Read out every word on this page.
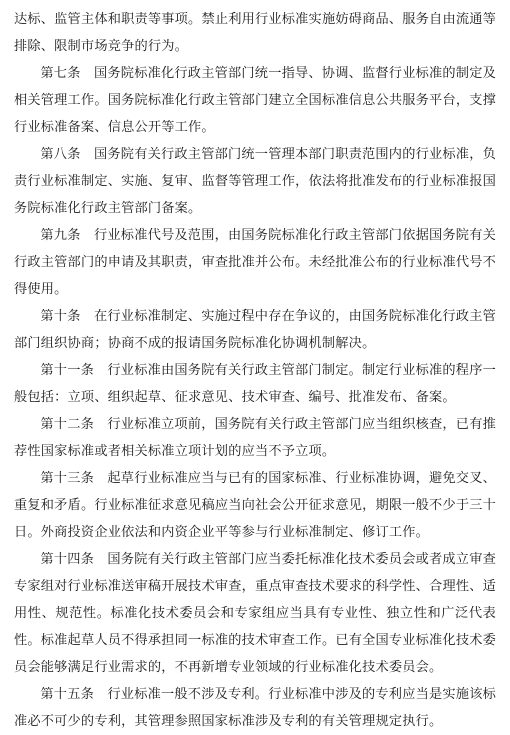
达标、监管主体和职责等事项。禁止利用行业标准实施妨碍商品、服务自由流通等排除、限制市场竞争的行为。

第七条　国务院标准化行政主管部门统一指导、协调、监督行业标准的制定及相关管理工作。国务院标准化行政主管部门建立全国标准信息公共服务平台，支撑行业标准备案、信息公开等工作。

第八条　国务院有关行政主管部门统一管理本部门职责范围内的行业标准，负责行业标准制定、实施、复审、监督等管理工作，依法将批准发布的行业标准报国务院标准化行政主管部门备案。

第九条　行业标准代号及范围，由国务院标准化行政主管部门依据国务院有关行政主管部门的申请及其职责，审查批准并公布。未经批准公布的行业标准代号不得使用。

第十条　在行业标准制定、实施过程中存在争议的，由国务院标准化行政主管部门组织协商；协商不成的报请国务院标准化协调机制解决。

第十一条　行业标准由国务院有关行政主管部门制定。制定行业标准的程序一般包括：立项、组织起草、征求意见、技术审查、编号、批准发布、备案。

第十二条　行业标准立项前，国务院有关行政主管部门应当组织核查，已有推荐性国家标准或者相关标准立项计划的应当不予立项。

第十三条　起草行业标准应当与已有的国家标准、行业标准协调，避免交叉、重复和矛盾。行业标准征求意见稿应当向社会公开征求意见，期限一般不少于三十日。外商投资企业依法和内资企业平等参与行业标准制定、修订工作。

第十四条　国务院有关行政主管部门应当委托标准化技术委员会或者成立审查专家组对行业标准送审稿开展技术审查，重点审查技术要求的科学性、合理性、适用性、规范性。标准化技术委员会和专家组应当具有专业性、独立性和广泛代表性。标准起草人员不得承担同一标准的技术审查工作。已有全国专业标准化技术委员会能够满足行业需求的，不再新增专业领域的行业标准化技术委员会。

第十五条　行业标准一般不涉及专利。行业标准中涉及的专利应当是实施该标准必不可少的专利，其管理参照国家标准涉及专利的有关管理规定执行。
